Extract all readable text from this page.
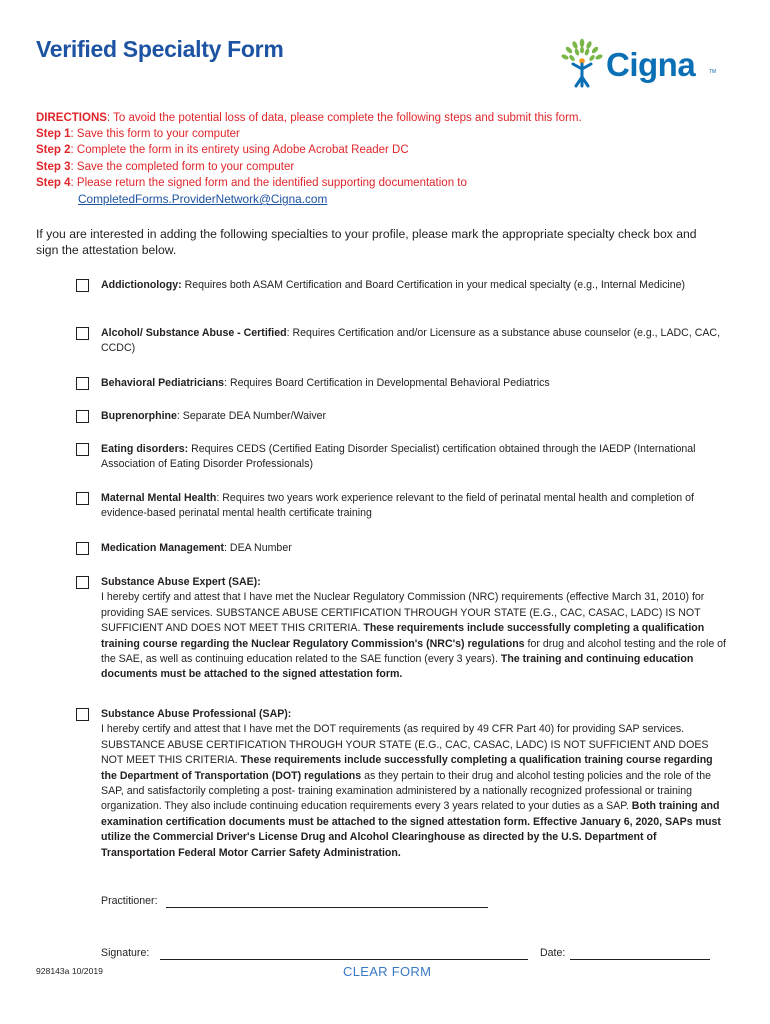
Verified Specialty Form	Cigna	TM
DIRECTIONS: To avoid the potential loss of data, please complete the following steps and submit this form.
Step 1: Save this form to your computer
Step 2: Complete the form in its entirety using Adobe Acrobat Reader DC
Step 3: Save the completed form to your computer
Step 4: Please return the signed form and the identified supporting documentation to
CompletedForms.ProviderNetwork@Cigna.com
If you are interested in adding the following specialties to your profile, please mark the appropriate specialty check box and sign the attestation below.
Addictionology: Requires both ASAM Certification and Board Certification in your medical specialty (e.g., Internal Medicine)
Alcohol/ Substance Abuse - Certified: Requires Certification and/or Licensure as a substance abuse counselor (e.g., LADC, CAC, CCDC)
Behavioral Pediatricians: Requires Board Certification in Developmental Behavioral Pediatrics
Buprenorphine: Separate DEA Number/Waiver
Eating disorders: Requires CEDS (Certified Eating Disorder Specialist) certification obtained through the IAEDP (International Association of Eating Disorder Professionals)
Maternal Mental Health: Requires two years work experience relevant to the field of perinatal mental health and completion of evidence-based perinatal mental health certificate training
Medication Management: DEA Number
Substance Abuse Expert (SAE):
I hereby certify and attest that I have met the Nuclear Regulatory Commission (NRC) requirements (effective March 31, 2010) for providing SAE services. SUBSTANCE ABUSE CERTIFICATION THROUGH YOUR STATE (E.G., CAC, CASAC, LADC) IS NOT SUFFICIENT AND DOES NOT MEET THIS CRITERIA. These requirements include successfully completing a qualification training course regarding the Nuclear Regulatory Commission's (NRC's) regulations for drug and alcohol testing and the role of the SAE, as well as continuing education related to the SAE function (every 3 years). The training and continuing education documents must be attached to the signed attestation form.
Substance Abuse Professional (SAP):
I hereby certify and attest that I have met the DOT requirements (as required by 49 CFR Part 40) for providing SAP services. SUBSTANCE ABUSE CERTIFICATION THROUGH YOUR STATE (E.G., CAC, CASAC, LADC) IS NOT SUFFICIENT AND DOES NOT MEET THIS CRITERIA. These requirements include successfully completing a qualification training course regarding the Department of Transportation (DOT) regulations as they pertain to their drug and alcohol testing policies and the role of the SAP, and satisfactorily completing a post- training examination administered by a nationally recognized professional or training organization. They also include continuing education requirements every 3 years related to your duties as a SAP. Both training and examination certification documents must be attached to the signed attestation form. Effective January 6, 2020, SAPs must utilize the Commercial Driver's License Drug and Alcohol Clearinghouse as directed by the U.S. Department of Transportation Federal Motor Carrier Safety Administration.
Practitioner:
Signature:	Date:
928143a 10/2019	CLEAR FORM
